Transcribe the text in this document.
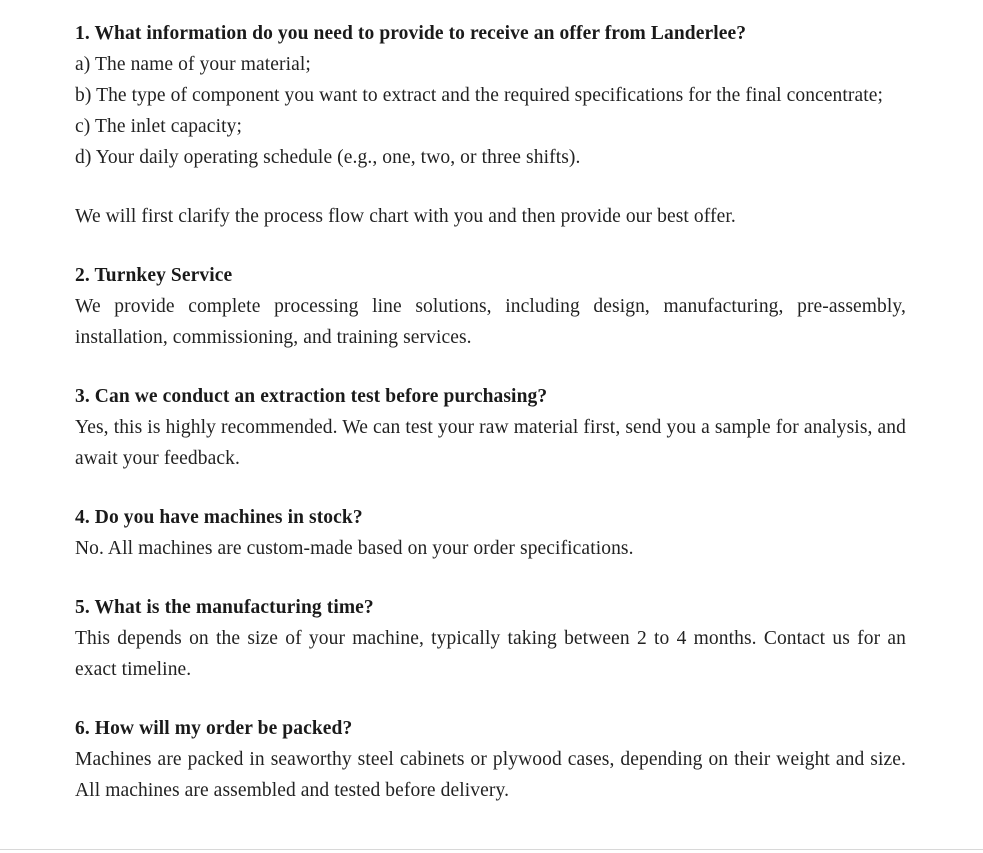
1. What information do you need to provide to receive an offer from Landerlee?

a) The name of your material;

b) The type of component you want to extract and the required specifications for the final concentrate;

c) The inlet capacity;

d) Your daily operating schedule (e.g., one, two, or three shifts).

We will first clarify the process flow chart with you and then provide our best offer.

2. Turnkey Service

We provide complete processing line solutions, including design, manufacturing, pre-assembly, installation, commissioning, and training services.

3. Can we conduct an extraction test before purchasing?

Yes, this is highly recommended. We can test your raw material first, send you a sample for analysis, and await your feedback.

4. Do you have machines in stock?

No. All machines are custom-made based on your order specifications.

5. What is the manufacturing time?

This depends on the size of your machine, typically taking between 2 to 4 months. Contact us for an exact timeline.

6. How will my order be packed?

Machines are packed in seaworthy steel cabinets or plywood cases, depending on their weight and size. All machines are assembled and tested before delivery.
